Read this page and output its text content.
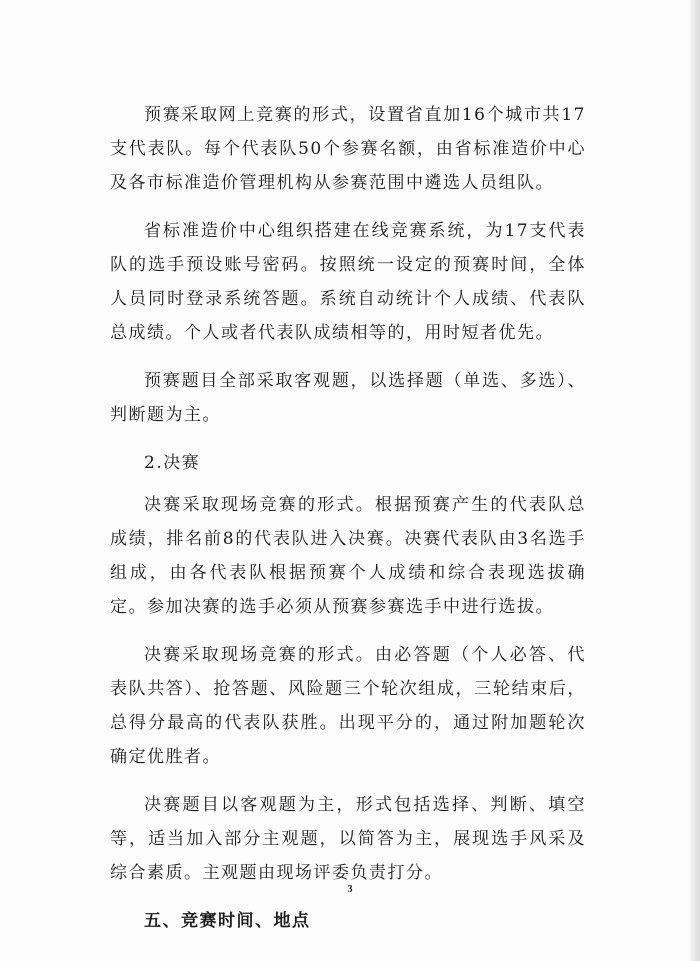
预赛采取网上竞赛的形式，设置省直加16个城市共17支代表队。每个代表队50个参赛名额，由省标准造价中心及各市标准造价管理机构从参赛范围中遴选人员组队。

省标准造价中心组织搭建在线竞赛系统，为17支代表队的选手预设账号密码。按照统一设定的预赛时间，全体人员同时登录系统答题。系统自动统计个人成绩、代表队总成绩。个人或者代表队成绩相等的，用时短者优先。

预赛题目全部采取客观题，以选择题（单选、多选）、判断题为主。

2.决赛

决赛采取现场竞赛的形式。根据预赛产生的代表队总成绩，排名前8的代表队进入决赛。决赛代表队由3名选手组成，由各代表队根据预赛个人成绩和综合表现选拔确定。参加决赛的选手必须从预赛参赛选手中进行选拔。

决赛采取现场竞赛的形式。由必答题（个人必答、代表队共答）、抢答题、风险题三个轮次组成，三轮结束后，总得分最高的代表队获胜。出现平分的，通过附加题轮次确定优胜者。

决赛题目以客观题为主，形式包括选择、判断、填空等，适当加入部分主观题，以简答为主，展现选手风采及综合素质。主观题由现场评委负责打分。

五、竞赛时间、地点

3
